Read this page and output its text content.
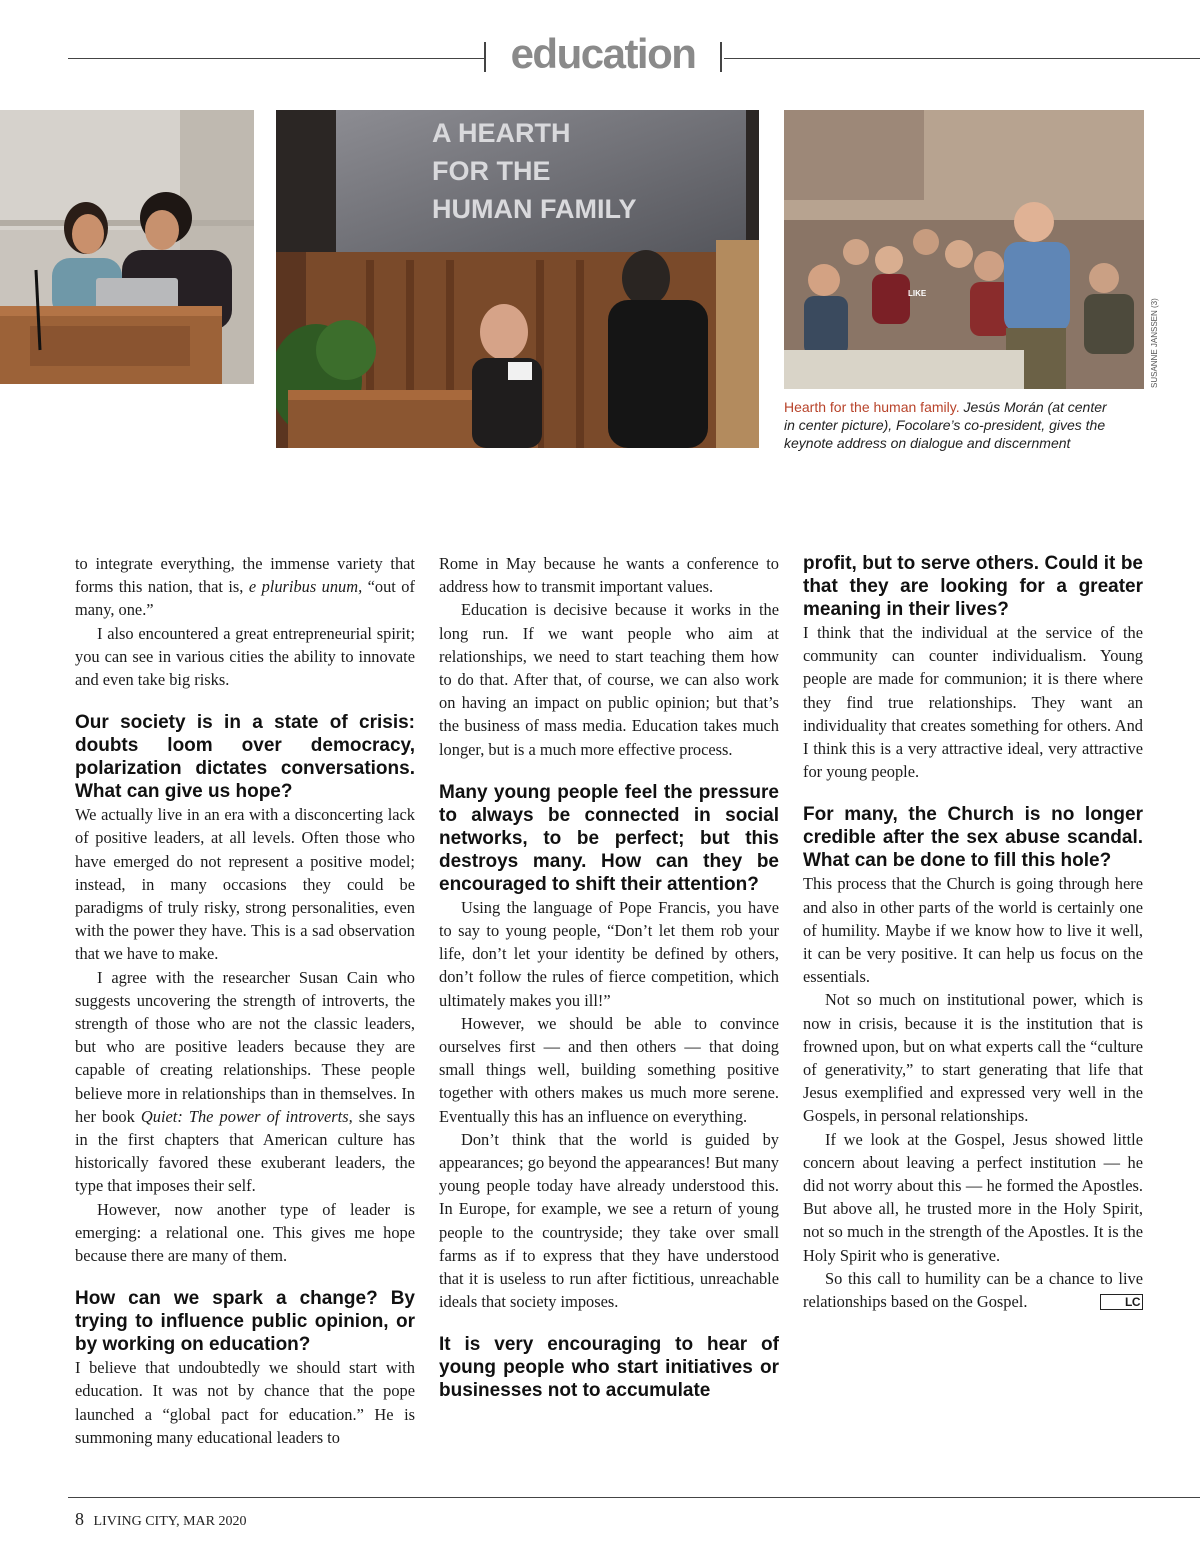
education
A HEARTH
FOR THE
HUMAN FAMILY
LIKE
SUSANNE JANSSEN (3)
Hearth for the human family. Jesús Morán (at center in center picture), Focolare’s co-president, gives the keynote address on dialogue and discernment

to integrate everything, the immense variety that forms this nation, that is, e pluribus unum, “out of many, one.”

I also encountered a great entrepreneurial spirit; you can see in various cities the ability to innovate and even take big risks.

Our society is in a state of crisis: doubts loom over democracy, polarization dictates conversations. What can give us hope?

We actually live in an era with a disconcerting lack of positive leaders, at all levels. Often those who have emerged do not represent a positive model; instead, in many occasions they could be paradigms of truly risky, strong personalities, even with the power they have. This is a sad observation that we have to make.

I agree with the researcher Susan Cain who suggests uncovering the strength of introverts, the strength of those who are not the classic leaders, but who are positive leaders because they are capable of creating relationships. These people believe more in relationships than in themselves. In her book Quiet: The power of introverts, she says in the first chapters that American culture has historically favored these exuberant leaders, the type that imposes their self.

However, now another type of leader is emerging: a relational one. This gives me hope because there are many of them.

How can we spark a change? By trying to influence public opinion, or by working on education?

I believe that undoubtedly we should start with education. It was not by chance that the pope launched a “global pact for education.” He is summoning many educational leaders to

Rome in May because he wants a conference to address how to transmit important values.

Education is decisive because it works in the long run. If we want people who aim at relationships, we need to start teaching them how to do that. After that, of course, we can also work on having an impact on public opinion; but that’s the business of mass media. Education takes much longer, but is a much more effective process.

Many young people feel the pressure to always be connected in social networks, to be perfect; but this destroys many. How can they be encouraged to shift their attention?

Using the language of Pope Francis, you have to say to young people, “Don’t let them rob your life, don’t let your identity be defined by others, don’t follow the rules of fierce competition, which ultimately makes you ill!”

However, we should be able to convince ourselves first — and then others — that doing small things well, building something positive together with others makes us much more serene. Eventually this has an influence on everything.

Don’t think that the world is guided by appearances; go beyond the appearances! But many young people today have already understood this. In Europe, for example, we see a return of young people to the countryside; they take over small farms as if to express that they have understood that it is useless to run after fictitious, unreachable ideals that society imposes.

It is very encouraging to hear of young people who start initiatives or businesses not to accumulate
profit, but to serve others. Could it be that they are looking for a greater meaning in their lives?

I think that the individual at the service of the community can counter individualism. Young people are made for communion; it is there where they find true relationships. They want an individuality that creates something for others. And I think this is a very attractive ideal, very attractive for young people.

For many, the Church is no longer credible after the sex abuse scandal. What can be done to fill this hole?

This process that the Church is going through here and also in other parts of the world is certainly one of humility. Maybe if we know how to live it well, it can be very positive. It can help us focus on the essentials.

Not so much on institutional power, which is now in crisis, because it is the institution that is frowned upon, but on what experts call the “culture of generativity,” to start generating that life that Jesus exemplified and expressed very well in the Gospels, in personal relationships.

If we look at the Gospel, Jesus showed little concern about leaving a perfect institution — he did not worry about this — he formed the Apostles. But above all, he trusted more in the Holy Spirit, not so much in the strength of the Apostles. It is the Holy Spirit who is generative.

So this call to humility can be a chance to live relationships based on the Gospel.	LC

8 LIVING CITY, MAR 2020
